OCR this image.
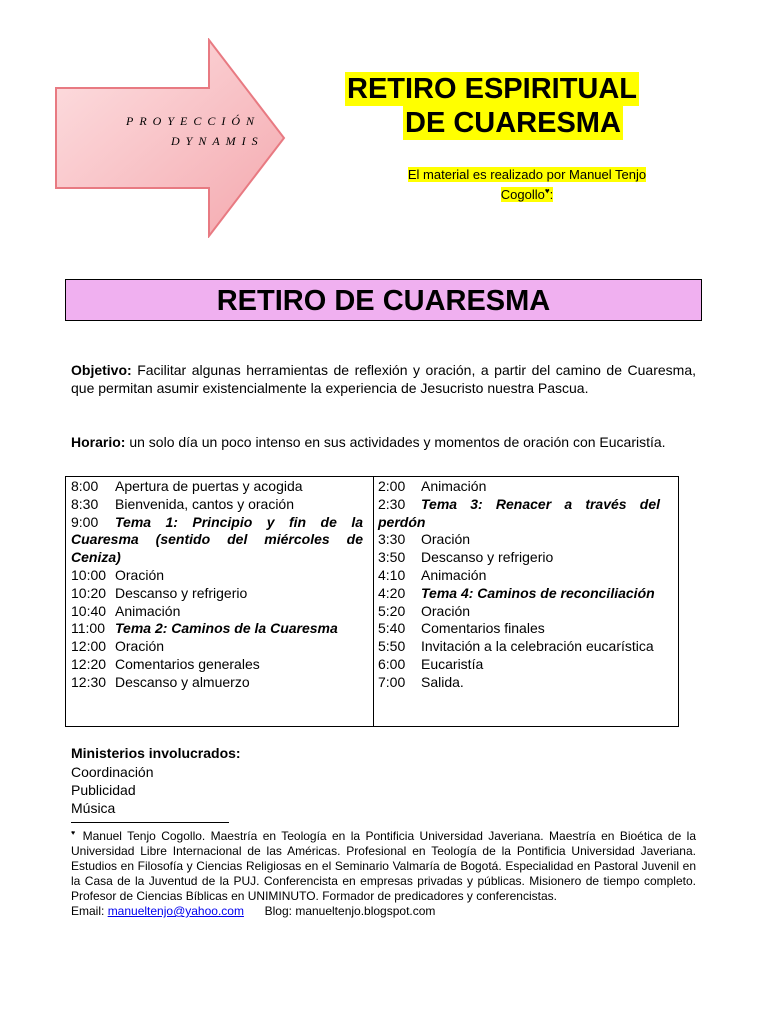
PROYECCIÓN
DYNAMIS
RETIRO ESPIRITUAL
DE CUARESMA
El material es realizado por Manuel Tenjo
Cogollo♥:
RETIRO DE CUARESMA
Objetivo: Facilitar algunas herramientas de reflexión y oración, a partir del camino de Cuaresma, que permitan asumir existencialmente la experiencia de Jesucristo nuestra Pascua.
Horario: un solo día un poco intenso en sus actividades y momentos de oración con Eucaristía.
8:00 Apertura de puertas y acogida
8:30 Bienvenida, cantos y oración
9:00 Tema 1: Principio y fin de la Cuaresma (sentido del miércoles de Ceniza)
10:00 Oración
10:20 Descanso y refrigerio
10:40 Animación
11:00 Tema 2: Caminos de la Cuaresma
12:00 Oración
12:20 Comentarios generales
12:30 Descanso y almuerzo
2:00 Animación
2:30 Tema 3: Renacer a través del perdón
3:30 Oración
3:50 Descanso y refrigerio
4:10 Animación
4:20 Tema 4: Caminos de reconciliación
5:20 Oración
5:40 Comentarios finales
5:50 Invitación a la celebración eucarística
6:00 Eucaristía
7:00 Salida.
Ministerios involucrados:
Coordinación
Publicidad
Música
♥ Manuel Tenjo Cogollo. Maestría en Teología en la Pontificia Universidad Javeriana. Maestría en Bioética de la Universidad Libre Internacional de las Américas. Profesional en Teología de la Pontificia Universidad Javeriana. Estudios en Filosofía y Ciencias Religiosas en el Seminario Valmaría de Bogotá. Especialidad en Pastoral Juvenil en la Casa de la Juventud de la PUJ. Conferencista en empresas privadas y públicas. Misionero de tiempo completo. Profesor de Ciencias Bíblicas en UNIMINUTO. Formador de predicadores y conferencistas.
Email: manueltenjo@yahoo.com Blog: manueltenjo.blogspot.com
